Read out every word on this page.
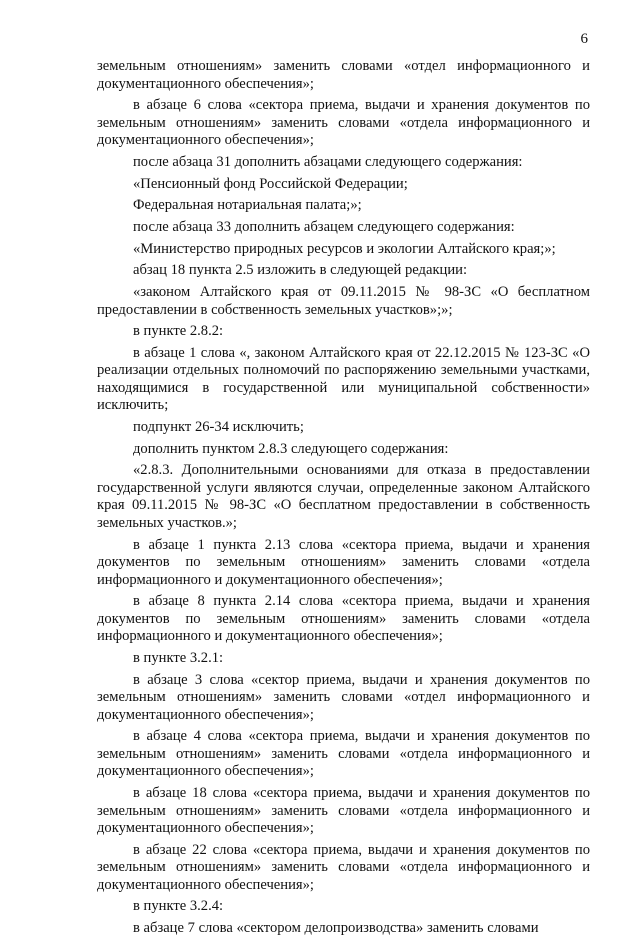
6

земельным отношениям» заменить словами «отдел информационного и документационного обеспечения»;

в абзаце 6 слова «сектора приема, выдачи и хранения документов по земельным отношениям» заменить словами «отдела информационного и документационного обеспечения»;

после абзаца 31 дополнить абзацами следующего содержания:

«Пенсионный фонд Российской Федерации;

Федеральная нотариальная палата;»;

после абзаца 33 дополнить абзацем следующего содержания:

«Министерство природных ресурсов и экологии Алтайского края;»;

абзац 18 пункта 2.5 изложить в следующей редакции:

«законом Алтайского края от 09.11.2015 № 98-ЗС «О бесплатном предоставлении в собственность земельных участков»;»;

в пункте 2.8.2:

в абзаце 1 слова «, законом Алтайского края от 22.12.2015 № 123-ЗС «О реализации отдельных полномочий по распоряжению земельными участками, находящимися в государственной или муниципальной собственности» исключить;

подпункт 26-34 исключить;

дополнить пунктом 2.8.3 следующего содержания:

«2.8.3. Дополнительными основаниями для отказа в предоставлении государственной услуги являются случаи, определенные законом Алтайского края 09.11.2015 № 98-ЗС «О бесплатном предоставлении в собственность земельных участков.»;

в абзаце 1 пункта 2.13 слова «сектора приема, выдачи и хранения документов по земельным отношениям» заменить словами «отдела информационного и документационного обеспечения»;

в абзаце 8 пункта 2.14 слова «сектора приема, выдачи и хранения документов по земельным отношениям» заменить словами «отдела информационного и документационного обеспечения»;

в пункте 3.2.1:

в абзаце 3 слова «сектор приема, выдачи и хранения документов по земельным отношениям» заменить словами «отдел информационного и документационного обеспечения»;

в абзаце 4 слова «сектора приема, выдачи и хранения документов по земельным отношениям» заменить словами «отдела информационного и документационного обеспечения»;

в абзаце 18 слова «сектора приема, выдачи и хранения документов по земельным отношениям» заменить словами «отдела информационного и документационного обеспечения»;

в абзаце 22 слова «сектора приема, выдачи и хранения документов по земельным отношениям» заменить словами «отдела информационного и документационного обеспечения»;

в пункте 3.2.4:

в абзаце 7 слова «сектором делопроизводства» заменить словами
